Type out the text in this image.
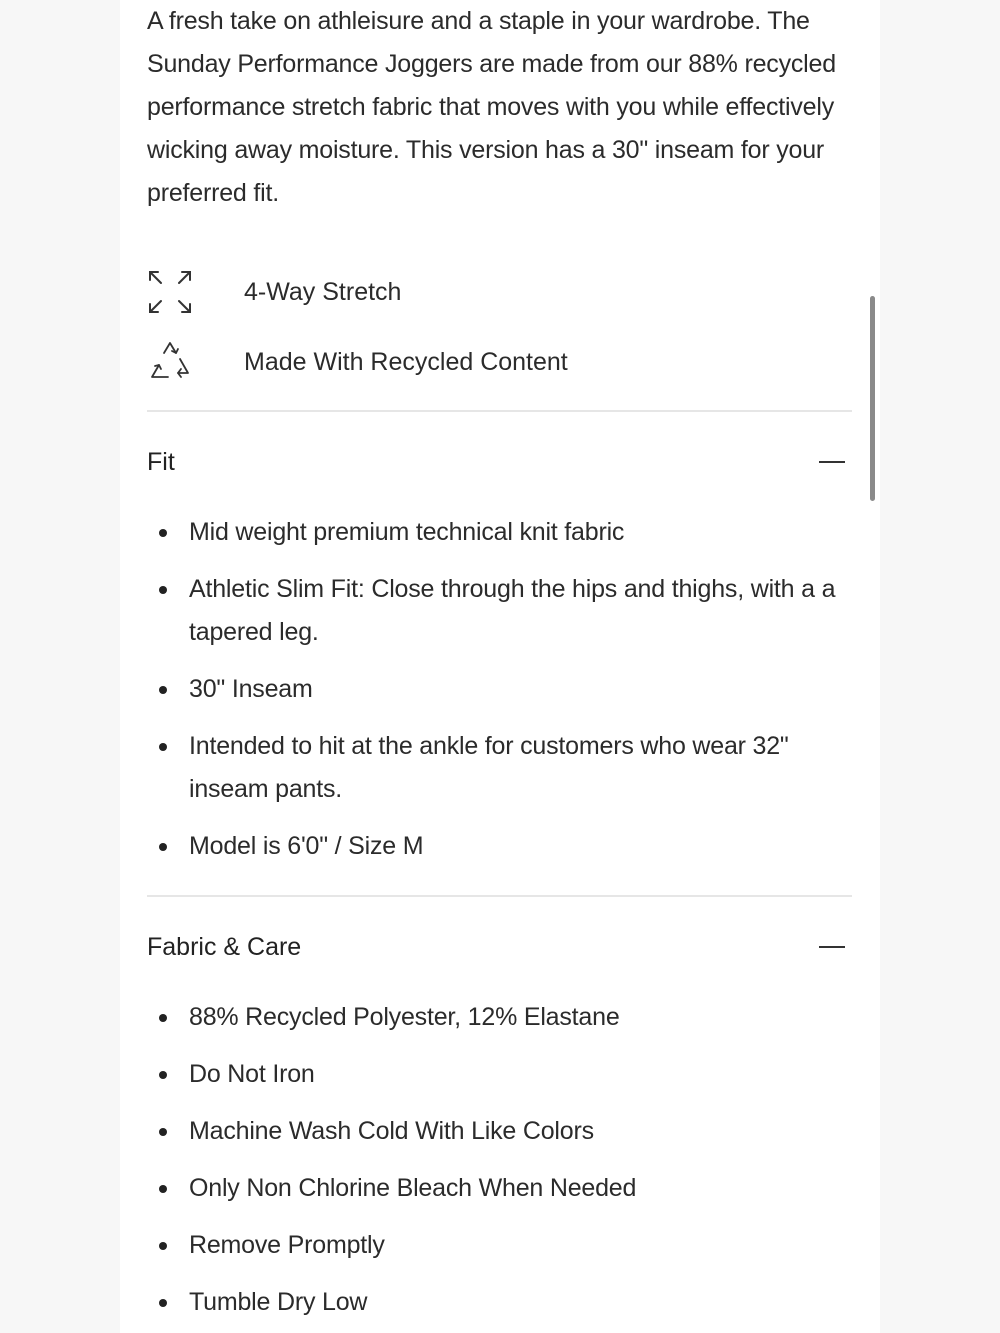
A fresh take on athleisure and a staple in your wardrobe. The Sunday Performance Joggers are made from our 88% recycled performance stretch fabric that moves with you while effectively wicking away moisture. This version has a 30" inseam for your preferred fit.

4-Way Stretch
Made With Recycled Content
Fit
Mid weight premium technical knit fabric
Athletic Slim Fit: Close through the hips and thighs, with a a tapered leg.
30" Inseam
Intended to hit at the ankle for customers who wear 32" inseam pants.
Model is 6'0" / Size M
Fabric & Care
88% Recycled Polyester, 12% Elastane
Do Not Iron
Machine Wash Cold With Like Colors
Only Non Chlorine Bleach When Needed
Remove Promptly
Tumble Dry Low
